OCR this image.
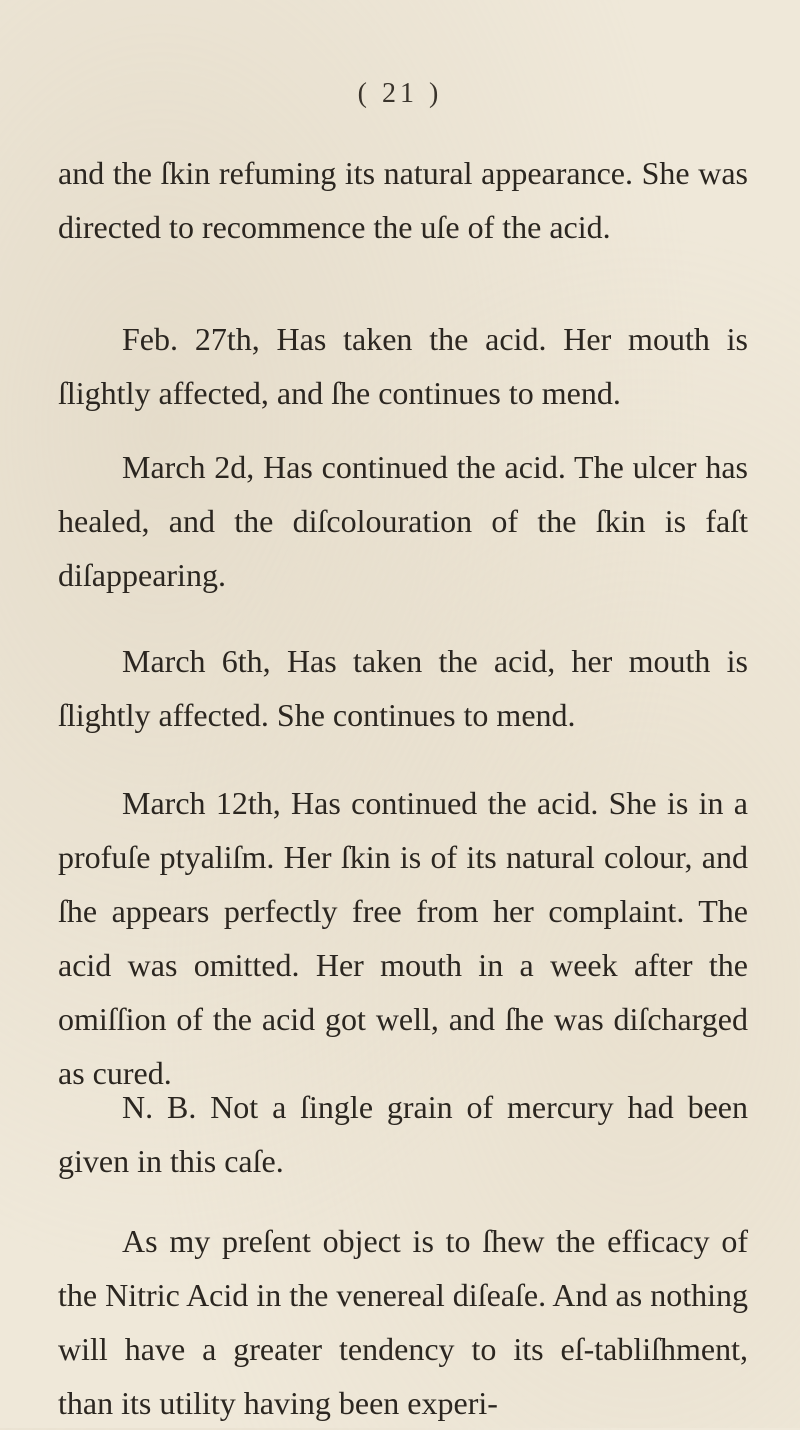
( 21 )

and the ſkin refuming its natural appearance. She was directed to recommence the uſe of the acid.

Feb. 27th, Has taken the acid. Her mouth is ſlightly affected, and ſhe continues to mend.

March 2d, Has continued the acid. The ulcer has healed, and the diſcolouration of the ſkin is faſt diſappearing.

March 6th, Has taken the acid, her mouth is ſlightly affected. She continues to mend.

March 12th, Has continued the acid. She is in a profuſe ptyaliſm. Her ſkin is of its natural colour, and ſhe appears perfectly free from her complaint. The acid was omitted. Her mouth in a week after the omiſſion of the acid got well, and ſhe was diſcharged as cured.

N. B. Not a ſingle grain of mercury had been given in this caſe.

As my preſent object is to ſhew the efficacy of the Nitric Acid in the venereal diſeaſe. And as nothing will have a greater tendency to its eſ-tabliſhment, than its utility having been experi-
